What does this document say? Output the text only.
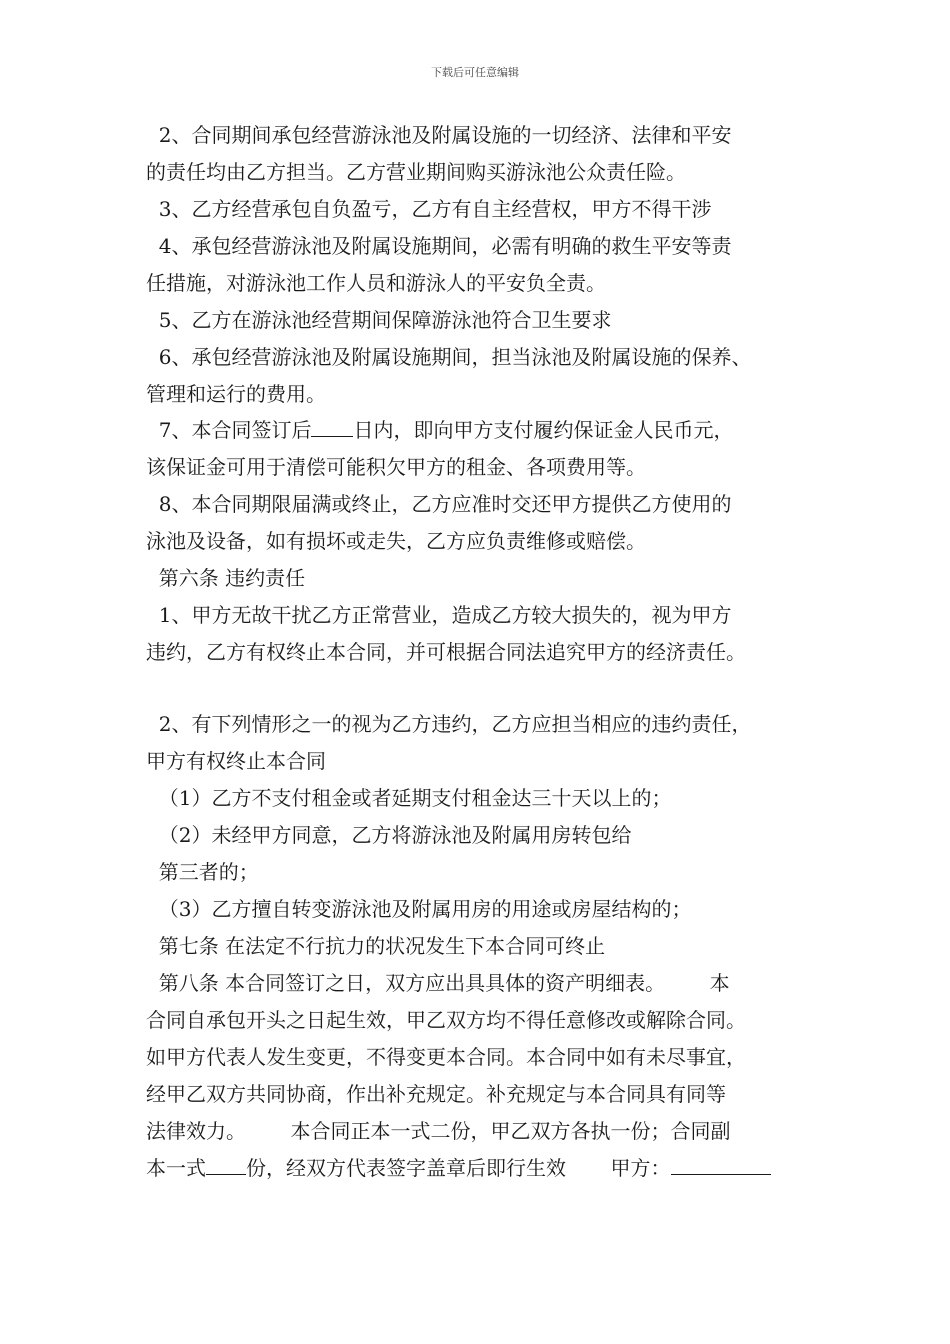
下载后可任意编辑
2、合同期间承包经营游泳池及附属设施的一切经济、法律和平安
的责任均由乙方担当。乙方营业期间购买游泳池公众责任险。
3、乙方经营承包自负盈亏，乙方有自主经营权，甲方不得干涉
4、承包经营游泳池及附属设施期间，必需有明确的救生平安等责
任措施，对游泳池工作人员和游泳人的平安负全责。
5、乙方在游泳池经营期间保障游泳池符合卫生要求
6、承包经营游泳池及附属设施期间，担当泳池及附属设施的保养、
管理和运行的费用。
7、本合同签订后 日内，即向甲方支付履约保证金人民币元，
该保证金可用于清偿可能积欠甲方的租金、各项费用等。
8、本合同期限届满或终止，乙方应准时交还甲方提供乙方使用的
泳池及设备，如有损坏或走失，乙方应负责维修或赔偿。
第六条 违约责任
1、甲方无故干扰乙方正常营业，造成乙方较大损失的，视为甲方
违约，乙方有权终止本合同，并可根据合同法追究甲方的经济责任。
2、有下列情形之一的视为乙方违约，乙方应担当相应的违约责任，
甲方有权终止本合同
（1）乙方不支付租金或者延期支付租金达三十天以上的；
（2）未经甲方同意，乙方将游泳池及附属用房转包给
第三者的；
（3）乙方擅自转变游泳池及附属用房的用途或房屋结构的；
第七条 在法定不行抗力的状况发生下本合同可终止
第八条 本合同签订之日，双方应出具具体的资产明细表。       本
合同自承包开头之日起生效，甲乙双方均不得任意修改或解除合同。
如甲方代表人发生变更，不得变更本合同。本合同中如有未尽事宜，
经甲乙双方共同协商，作出补充规定。补充规定与本合同具有同等
法律效力。       本合同正本一式二份，甲乙双方各执一份；合同副
本一式 份，经双方代表签字盖章后即行生效       甲方：
